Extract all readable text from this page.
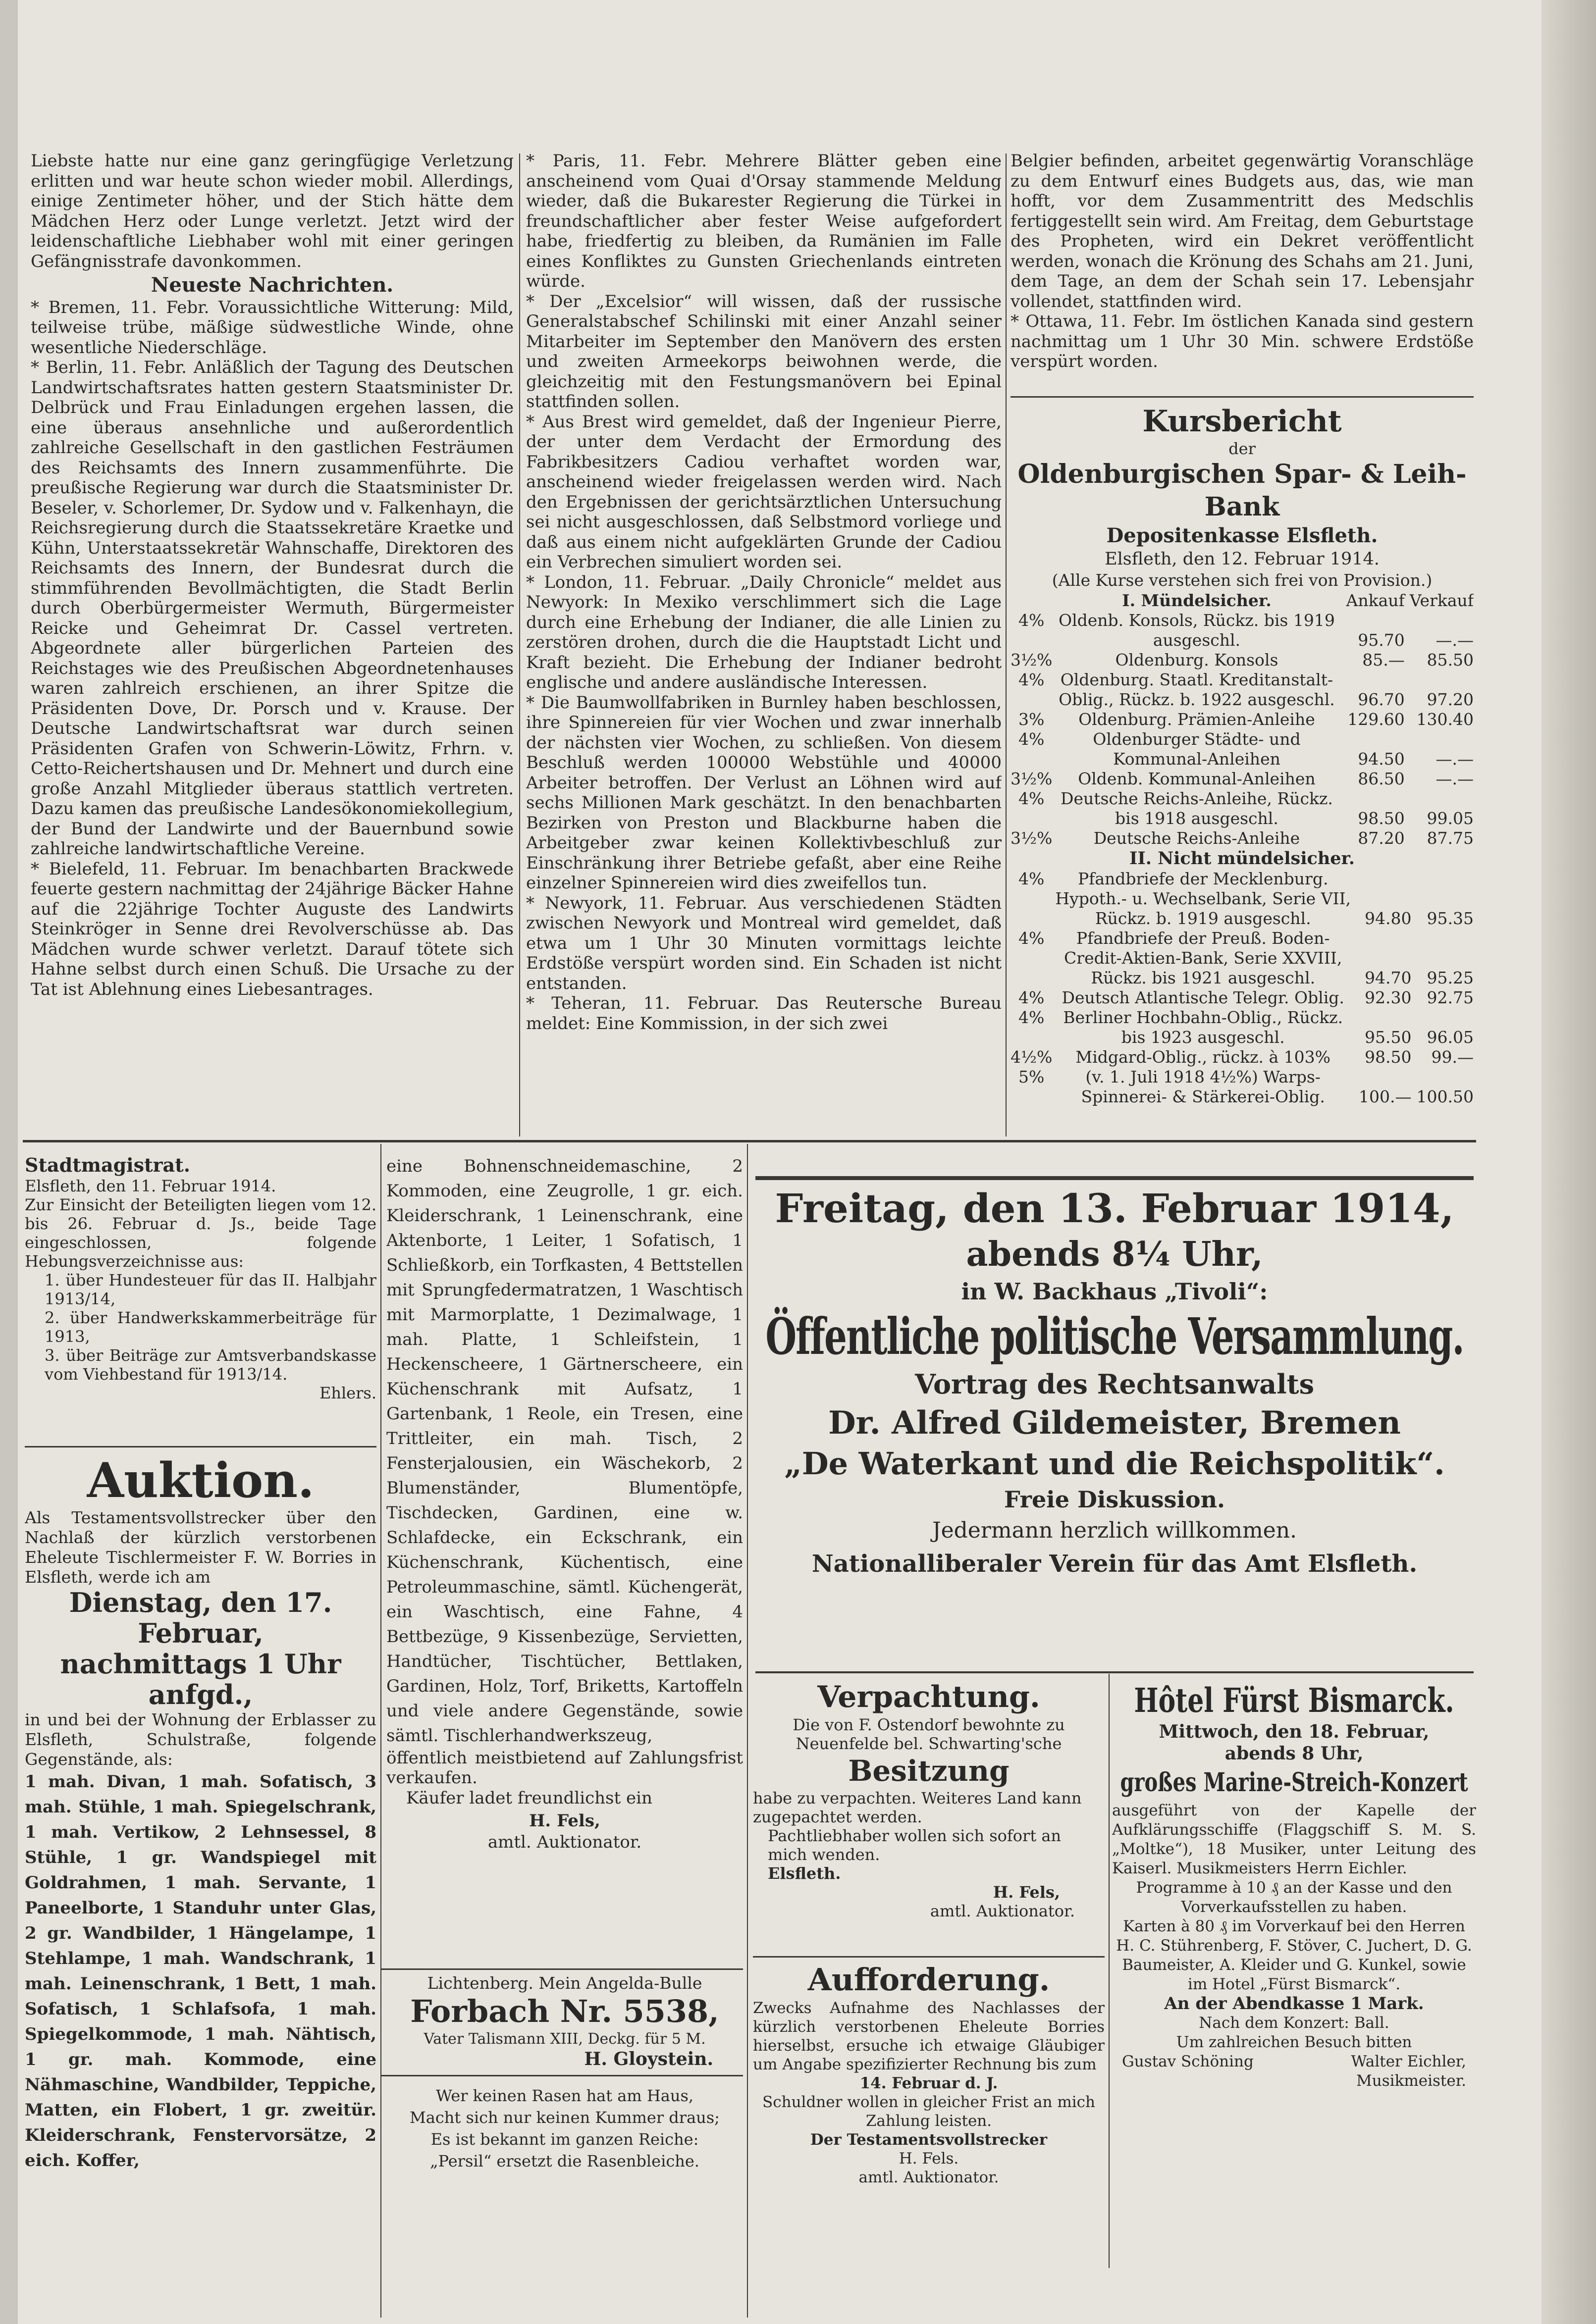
Liebste hatte nur eine ganz geringfügige Verletzung erlitten und war heute schon wieder mobil. Allerdings, einige Zentimeter höher, und der Stich hätte dem Mädchen Herz oder Lunge verletzt. Jetzt wird der leidenschaftliche Liebhaber wohl mit einer geringen Gefängnisstrafe davonkommen.

Neueste Nachrichten.

* Bremen, 11. Febr. Voraussichtliche Witterung: Mild, teilweise trübe, mäßige südwestliche Winde, ohne wesentliche Niederschläge.

* Berlin, 11. Febr. Anläßlich der Tagung des Deutschen Landwirtschaftsrates hatten gestern Staatsminister Dr. Delbrück und Frau Einladungen ergehen lassen, die eine überaus ansehnliche und außerordentlich zahlreiche Gesellschaft in den gastlichen Festräumen des Reichsamts des Innern zusammenführte. Die preußische Regierung war durch die Staatsminister Dr. Beseler, v. Schorlemer, Dr. Sydow und v. Falkenhayn, die Reichsregierung durch die Staatssekretäre Kraetke und Kühn, Unterstaatssekretär Wahnschaffe, Direktoren des Reichsamts des Innern, der Bundesrat durch die stimmführenden Bevollmächtigten, die Stadt Berlin durch Oberbürgermeister Wermuth, Bürgermeister Reicke und Geheimrat Dr. Cassel vertreten. Abgeordnete aller bürgerlichen Parteien des Reichstages wie des Preußischen Abgeordnetenhauses waren zahlreich erschienen, an ihrer Spitze die Präsidenten Dove, Dr. Porsch und v. Krause. Der Deutsche Landwirtschaftsrat war durch seinen Präsidenten Grafen von Schwerin-Löwitz, Frhrn. v. Cetto-Reichertshausen und Dr. Mehnert und durch eine große Anzahl Mitglieder überaus stattlich vertreten. Dazu kamen das preußische Landesökonomiekollegium, der Bund der Landwirte und der Bauernbund sowie zahlreiche landwirtschaftliche Vereine.

* Bielefeld, 11. Februar. Im benachbarten Brackwede feuerte gestern nachmittag der 24jährige Bäcker Hahne auf die 22jährige Tochter Auguste des Landwirts Steinkröger in Senne drei Revolverschüsse ab. Das Mädchen wurde schwer verletzt. Darauf tötete sich Hahne selbst durch einen Schuß. Die Ursache zu der Tat ist Ablehnung eines Liebesantrages.

* Paris, 11. Febr. Mehrere Blätter geben eine anscheinend vom Quai d'Orsay stammende Meldung wieder, daß die Bukarester Regierung die Türkei in freundschaftlicher aber fester Weise aufgefordert habe, friedfertig zu bleiben, da Rumänien im Falle eines Konfliktes zu Gunsten Griechenlands eintreten würde.

* Der „Excelsior“ will wissen, daß der russische Generalstabschef Schilinski mit einer Anzahl seiner Mitarbeiter im September den Manövern des ersten und zweiten Armeekorps beiwohnen werde, die gleichzeitig mit den Festungsmanövern bei Epinal stattfinden sollen.

* Aus Brest wird gemeldet, daß der Ingenieur Pierre, der unter dem Verdacht der Ermordung des Fabrikbesitzers Cadiou verhaftet worden war, anscheinend wieder freigelassen werden wird. Nach den Ergebnissen der gerichtsärztlichen Untersuchung sei nicht ausgeschlossen, daß Selbstmord vorliege und daß aus einem nicht aufgeklärten Grunde der Cadiou ein Verbrechen simuliert worden sei.

* London, 11. Februar. „Daily Chronicle“ meldet aus Newyork: In Mexiko verschlimmert sich die Lage durch eine Erhebung der Indianer, die alle Linien zu zerstören drohen, durch die die Hauptstadt Licht und Kraft bezieht. Die Erhebung der Indianer bedroht englische und andere ausländische Interessen.

* Die Baumwollfabriken in Burnley haben beschlossen, ihre Spinnereien für vier Wochen und zwar innerhalb der nächsten vier Wochen, zu schließen. Von diesem Beschluß werden 100000 Webstühle und 40000 Arbeiter betroffen. Der Verlust an Löhnen wird auf sechs Millionen Mark geschätzt. In den benachbarten Bezirken von Preston und Blackburne haben die Arbeitgeber zwar keinen Kollektivbeschluß zur Einschränkung ihrer Betriebe gefaßt, aber eine Reihe einzelner Spinnereien wird dies zweifellos tun.

* Newyork, 11. Februar. Aus verschiedenen Städten zwischen Newyork und Montreal wird gemeldet, daß etwa um 1 Uhr 30 Minuten vormittags leichte Erdstöße verspürt worden sind. Ein Schaden ist nicht entstanden.

* Teheran, 11. Februar. Das Reutersche Bureau meldet: Eine Kommission, in der sich zwei

Belgier befinden, arbeitet gegenwärtig Voranschläge zu dem Entwurf eines Budgets aus, das, wie man hofft, vor dem Zusammentritt des Medschlis fertiggestellt sein wird. Am Freitag, dem Geburtstage des Propheten, wird ein Dekret veröffentlicht werden, wonach die Krönung des Schahs am 21. Juni, dem Tage, an dem der Schah sein 17. Lebensjahr vollendet, stattfinden wird.

* Ottawa, 11. Febr. Im östlichen Kanada sind gestern nachmittag um 1 Uhr 30 Min. schwere Erdstöße verspürt worden.

Kursbericht

der

Oldenburgischen Spar- & Leih-Bank

Depositenkasse Elsfleth.

Elsfleth, den 12. Februar 1914.

(Alle Kurse verstehen sich frei von Provision.)

	I. Mündelsicher.	Ankauf	Verkauf
4%	Oldenb. Konsols, Rückz. bis 1919 ausgeschl.	95.70	—.—
3½%	Oldenburg. Konsols	85.—	85.50
4%	Oldenburg. Staatl. Kreditanstalt-Oblig., Rückz. b. 1922 ausgeschl.	96.70	97.20
3%	Oldenburg. Prämien-Anleihe	129.60	130.40
4%	Oldenburger Städte- und Kommunal-Anleihen	94.50	—.—
3½%	Oldenb. Kommunal-Anleihen	86.50	—.—
4%	Deutsche Reichs-Anleihe, Rückz. bis 1918 ausgeschl.	98.50	99.05
3½%	Deutsche Reichs-Anleihe	87.20	87.75

II. Nicht mündelsicher.

4%	Pfandbriefe der Mecklenburg. Hypoth.- u. Wechselbank, Serie VII, Rückz. b. 1919 ausgeschl.	94.80	95.35
4%	Pfandbriefe der Preuß. Boden-Credit-Aktien-Bank, Serie XXVIII, Rückz. bis 1921 ausgeschl.	94.70	95.25
4%	Deutsch Atlantische Telegr. Oblig.	92.30	92.75
4%	Berliner Hochbahn-Oblig., Rückz. bis 1923 ausgeschl.	95.50	96.05
4½%	Midgard-Oblig., rückz. à 103%	98.50	99.—
5%	(v. 1. Juli 1918 4½%) Warps-Spinnerei- & Stärkerei-Oblig.	100.—	100.50

Stadtmagistrat.

Elsfleth, den 11. Februar 1914.

Zur Einsicht der Beteiligten liegen vom 12. bis 26. Februar d. Js., beide Tage eingeschlossen, folgende Hebungsverzeichnisse aus:

1. über Hundesteuer für das II. Halbjahr 1913/14,

2. über Handwerkskammerbeiträge für 1913,

3. über Beiträge zur Amtsverbandskasse vom Viehbestand für 1913/14.

Ehlers.

Auktion.

Als Testamentsvollstrecker über den Nachlaß der kürzlich verstorbenen Eheleute Tischlermeister F. W. Borries in Elsfleth, werde ich am

Dienstag, den 17. Februar,

nachmittags 1 Uhr anfgd.,

in und bei der Wohnung der Erblasser zu Elsfleth, Schulstraße, folgende Gegenstände, als:

1 mah. Divan, 1 mah. Sofatisch, 3 mah. Stühle, 1 mah. Spiegelschrank, 1 mah. Vertikow, 2 Lehnsessel, 8 Stühle, 1 gr. Wandspiegel mit Goldrahmen, 1 mah. Servante, 1 Paneelborte, 1 Standuhr unter Glas, 2 gr. Wandbilder, 1 Hängelampe, 1 Stehlampe, 1 mah. Wandschrank, 1 mah. Leinenschrank, 1 Bett, 1 mah. Sofatisch, 1 Schlafsofa, 1 mah. Spiegelkommode, 1 mah. Nähtisch, 1 gr. mah. Kommode, eine Nähmaschine, Wandbilder, Teppiche, Matten, ein Flobert, 1 gr. zweitür. Kleiderschrank, Fenstervorsätze, 2 eich. Koffer,

eine Bohnenschneidemaschine, 2 Kommoden, eine Zeugrolle, 1 gr. eich. Kleiderschrank, 1 Leinenschrank, eine Aktenborte, 1 Leiter, 1 Sofatisch, 1 Schließkorb, ein Torfkasten, 4 Bettstellen mit Sprungfedermatratzen, 1 Waschtisch mit Marmorplatte, 1 Dezimalwage, 1 mah. Platte, 1 Schleifstein, 1 Heckenscheere, 1 Gärtnerscheere, ein Küchenschrank mit Aufsatz, 1 Gartenbank, 1 Reole, ein Tresen, eine Trittleiter, ein mah. Tisch, 2 Fensterjalousien, ein Wäschekorb, 2 Blumenständer, Blumentöpfe, Tischdecken, Gardinen, eine w. Schlafdecke, ein Eckschrank, ein Küchenschrank, Küchentisch, eine Petroleummaschine, sämtl. Küchengerät, ein Waschtisch, eine Fahne, 4 Bettbezüge, 9 Kissenbezüge, Servietten, Handtücher, Tischtücher, Bettlaken, Gardinen, Holz, Torf, Briketts, Kartoffeln und viele andere Gegenstände, sowie sämtl. Tischlerhandwerkszeug,

öffentlich meistbietend auf Zahlungsfrist verkaufen.

Käufer ladet freundlichst ein

H. Fels,

amtl. Auktionator.

Lichtenberg. Mein Angelda-Bulle

Forbach Nr. 5538,

Vater Talismann XIII, Deckg. für 5 M.

H. Gloystein.

Wer keinen Rasen hat am Haus,

Macht sich nur keinen Kummer draus;

Es ist bekannt im ganzen Reiche:

„Persil“ ersetzt die Rasenbleiche.

Freitag, den 13. Februar 1914,

abends 8¼ Uhr,

in W. Backhaus „Tivoli“:

Öffentliche politische Versammlung.

Vortrag des Rechtsanwalts

Dr. Alfred Gildemeister, Bremen

„De Waterkant und die Reichspolitik“.

Freie Diskussion.

Jedermann herzlich willkommen.

Nationalliberaler Verein für das Amt Elsfleth.

Verpachtung.

Die von F. Ostendorf bewohnte zu Neuenfelde bel. Schwarting'sche

Besitzung

habe zu verpachten. Weiteres Land kann zugepachtet werden.

Pachtliebhaber wollen sich sofort an mich wenden.

Elsfleth.

H. Fels,

amtl. Auktionator.

Aufforderung.

Zwecks Aufnahme des Nachlasses der kürzlich verstorbenen Eheleute Borries hierselbst, ersuche ich etwaige Gläubiger um Angabe spezifizierter Rechnung bis zum

14. Februar d. J.

Schuldner wollen in gleicher Frist an mich Zahlung leisten.

Der Testamentsvollstrecker

H. Fels.

amtl. Auktionator.

Hôtel Fürst Bismarck.

Mittwoch, den 18. Februar,

abends 8 Uhr,

großes Marine-Streich-Konzert

ausgeführt von der Kapelle der Aufklärungsschiffe (Flaggschiff S. M. S. „Moltke“), 18 Musiker, unter Leitung des Kaiserl. Musikmeisters Herrn Eichler.

Programme à 10 ₰ an der Kasse und den Vorverkaufsstellen zu haben.

Karten à 80 ₰ im Vorverkauf bei den Herren H. C. Stührenberg, F. Stöver, C. Juchert, D. G. Baumeister, A. Kleider und G. Kunkel, sowie im Hotel „Fürst Bismarck“.

An der Abendkasse 1 Mark.

Nach dem Konzert: Ball.

Um zahlreichen Besuch bitten

Gustav Schöning	Walter Eichler,

Musikmeister.
